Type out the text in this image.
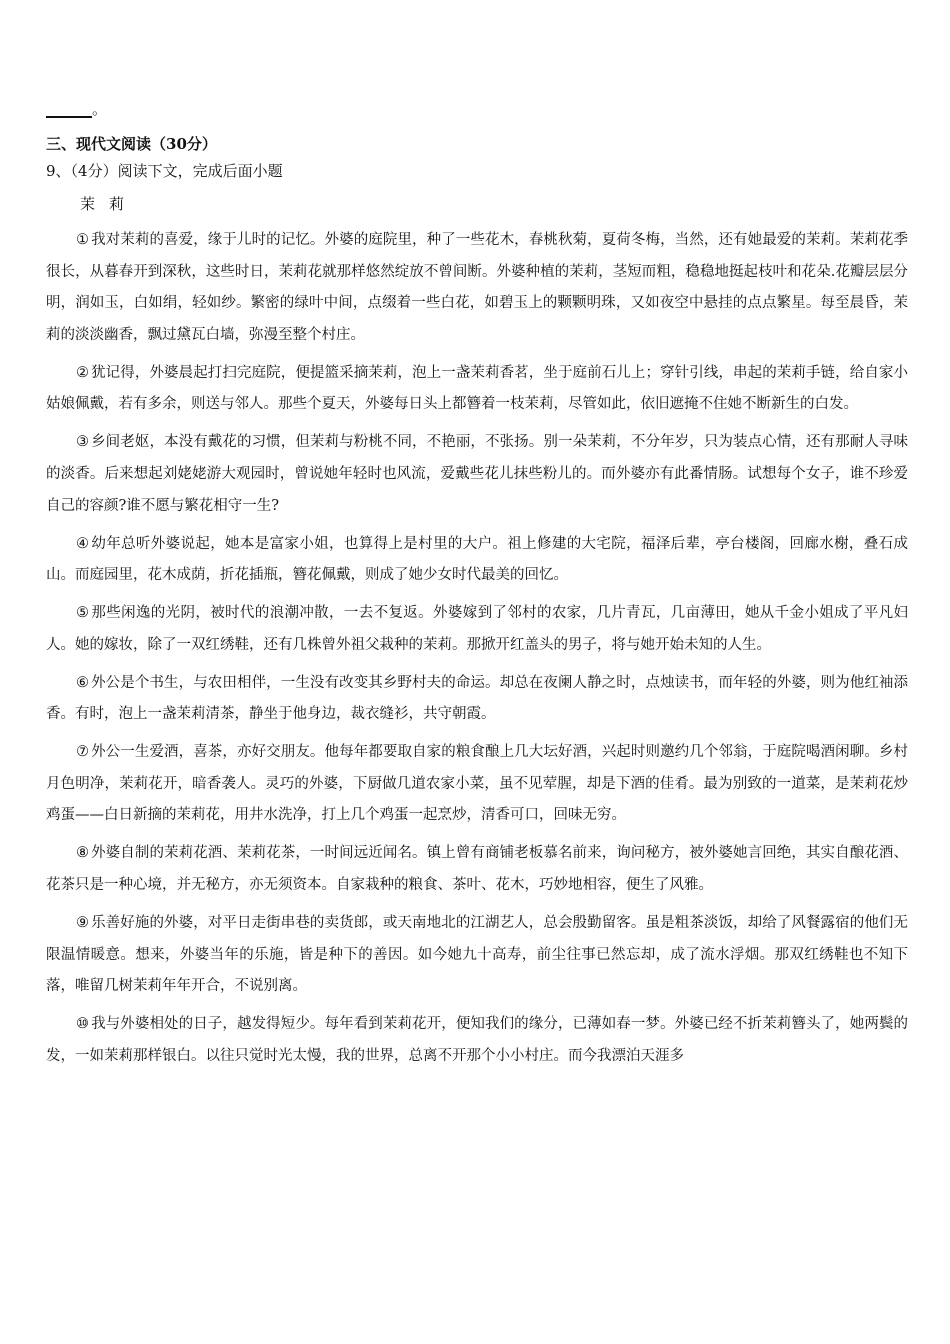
。
三、现代文阅读（30分）
9、（4分）阅读下文，完成后面小题
茉莉

① 我对茉莉的喜爱，缘于儿时的记忆。外婆的庭院里，种了一些花木，春桃秋菊，夏荷冬梅，当然，还有她最爱的茉莉。茉莉花季很长，从暮春开到深秋，这些时日，茉莉花就那样悠然绽放不曾间断。外婆种植的茉莉，茎短而粗，稳稳地挺起枝叶和花朵.花瓣层层分明，润如玉，白如绢，轻如纱。繁密的绿叶中间，点缀着一些白花，如碧玉上的颗颗明珠，又如夜空中悬挂的点点繁星。每至晨昏，茉莉的淡淡幽香，飘过黛瓦白墙，弥漫至整个村庄。

② 犹记得，外婆晨起打扫完庭院，便提篮采摘茉莉，泡上一盏茉莉香茗，坐于庭前石儿上；穿针引线，串起的茉莉手链，给自家小姑娘佩戴，若有多余，则送与邻人。那些个夏天，外婆每日头上都簪着一枝茉莉，尽管如此，依旧遮掩不住她不断新生的白发。

③ 乡间老妪，本没有戴花的习惯，但茉莉与粉桃不同，不艳丽，不张扬。别一朵茉莉，不分年岁，只为装点心情，还有那耐人寻味的淡香。后来想起刘姥姥游大观园时，曾说她年轻时也风流，爱戴些花儿抹些粉儿的。而外婆亦有此番情肠。试想每个女子，谁不珍爱自己的容颜?谁不愿与繁花相守一生?

④ 幼年总听外婆说起，她本是富家小姐，也算得上是村里的大户。祖上修建的大宅院，福泽后辈，亭台楼阁，回廊水榭，叠石成山。而庭园里，花木成荫，折花插瓶，簪花佩戴，则成了她少女时代最美的回忆。

⑤ 那些闲逸的光阴，被时代的浪潮冲散，一去不复返。外婆嫁到了邻村的农家，几片青瓦，几亩薄田，她从千金小姐成了平凡妇人。她的嫁妆，除了一双红绣鞋，还有几株曾外祖父栽种的茉莉。那掀开红盖头的男子，将与她开始未知的人生。

⑥ 外公是个书生，与农田相伴，一生没有改变其乡野村夫的命运。却总在夜阑人静之时，点烛读书，而年轻的外婆，则为他红袖添香。有时，泡上一盏茉莉清茶，静坐于他身边，裁衣缝衫，共守朝霞。

⑦ 外公一生爱酒，喜茶，亦好交朋友。他每年都要取自家的粮食酿上几大坛好酒，兴起时则邀约几个邻翁，于庭院喝酒闲聊。乡村月色明净，茉莉花开，暗香袭人。灵巧的外婆，下厨做几道农家小菜，虽不见荤腥，却是下酒的佳肴。最为别致的一道菜，是茉莉花炒鸡蛋——白日新摘的茉莉花，用井水洗净，打上几个鸡蛋一起烹炒，清香可口，回味无穷。

⑧ 外婆自制的茉莉花酒、茉莉花茶，一时间远近闻名。镇上曾有商铺老板慕名前来，询问秘方，被外婆她言回绝，其实自酿花酒、花茶只是一种心境，并无秘方，亦无须资本。自家栽种的粮食、茶叶、花木，巧妙地相容，便生了风雅。

⑨ 乐善好施的外婆，对平日走街串巷的卖货郎，或天南地北的江湖艺人，总会殷勤留客。虽是粗茶淡饭，却给了风餐露宿的他们无限温情暖意。想来，外婆当年的乐施，皆是种下的善因。如今她九十高寿，前尘往事已然忘却，成了流水浮烟。那双红绣鞋也不知下落，唯留几树茉莉年年开合，不说别离。

⑩ 我与外婆相处的日子，越发得短少。每年看到茉莉花开，便知我们的缘分，已薄如春一梦。外婆已经不折茉莉簪头了，她两鬓的发，一如茉莉那样银白。以往只觉时光太慢，我的世界，总离不开那个小小村庄。而今我漂泊天涯多
